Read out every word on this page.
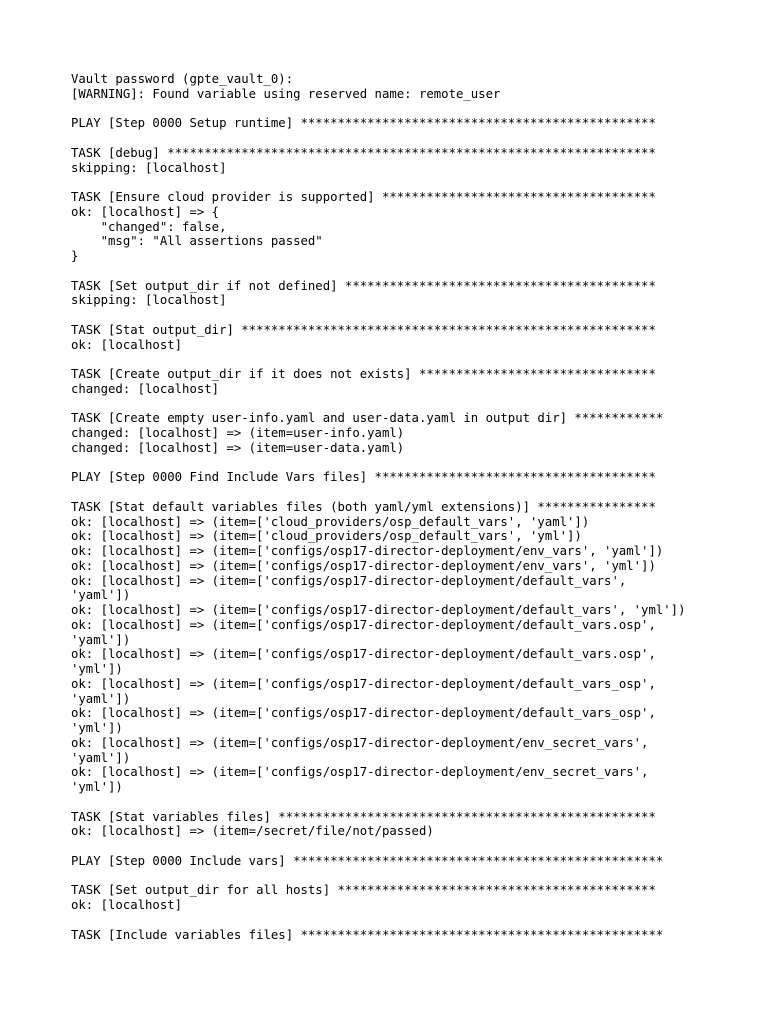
Vault password (gpte_vault_0):
[WARNING]: Found variable using reserved name: remote_user
PLAY [Step 0000 Setup runtime] ************************************************
TASK [debug] ******************************************************************
skipping: [localhost]
TASK [Ensure cloud provider is supported] *************************************
ok: [localhost] => {
"changed": false,
"msg": "All assertions passed"
}
TASK [Set output_dir if not defined] ******************************************
skipping: [localhost]
TASK [Stat output_dir] ********************************************************
ok: [localhost]
TASK [Create output_dir if it does not exists] ********************************
changed: [localhost]
TASK [Create empty user-info.yaml and user-data.yaml in output dir] ************
changed: [localhost] => (item=user-info.yaml)
changed: [localhost] => (item=user-data.yaml)
PLAY [Step 0000 Find Include Vars files] **************************************
TASK [Stat default variables files (both yaml/yml extensions)] ****************
ok: [localhost] => (item=['cloud_providers/osp_default_vars', 'yaml'])
ok: [localhost] => (item=['cloud_providers/osp_default_vars', 'yml'])
ok: [localhost] => (item=['configs/osp17-director-deployment/env_vars', 'yaml'])
ok: [localhost] => (item=['configs/osp17-director-deployment/env_vars', 'yml'])
ok: [localhost] => (item=['configs/osp17-director-deployment/default_vars',
'yaml'])
ok: [localhost] => (item=['configs/osp17-director-deployment/default_vars', 'yml'])
ok: [localhost] => (item=['configs/osp17-director-deployment/default_vars.osp',
'yaml'])
ok: [localhost] => (item=['configs/osp17-director-deployment/default_vars.osp',
'yml'])
ok: [localhost] => (item=['configs/osp17-director-deployment/default_vars_osp',
'yaml'])
ok: [localhost] => (item=['configs/osp17-director-deployment/default_vars_osp',
'yml'])
ok: [localhost] => (item=['configs/osp17-director-deployment/env_secret_vars',
'yaml'])
ok: [localhost] => (item=['configs/osp17-director-deployment/env_secret_vars',
'yml'])
TASK [Stat variables files] ***************************************************
ok: [localhost] => (item=/secret/file/not/passed)
PLAY [Step 0000 Include vars] **************************************************
TASK [Set output_dir for all hosts] *******************************************
ok: [localhost]
TASK [Include variables files] *************************************************
